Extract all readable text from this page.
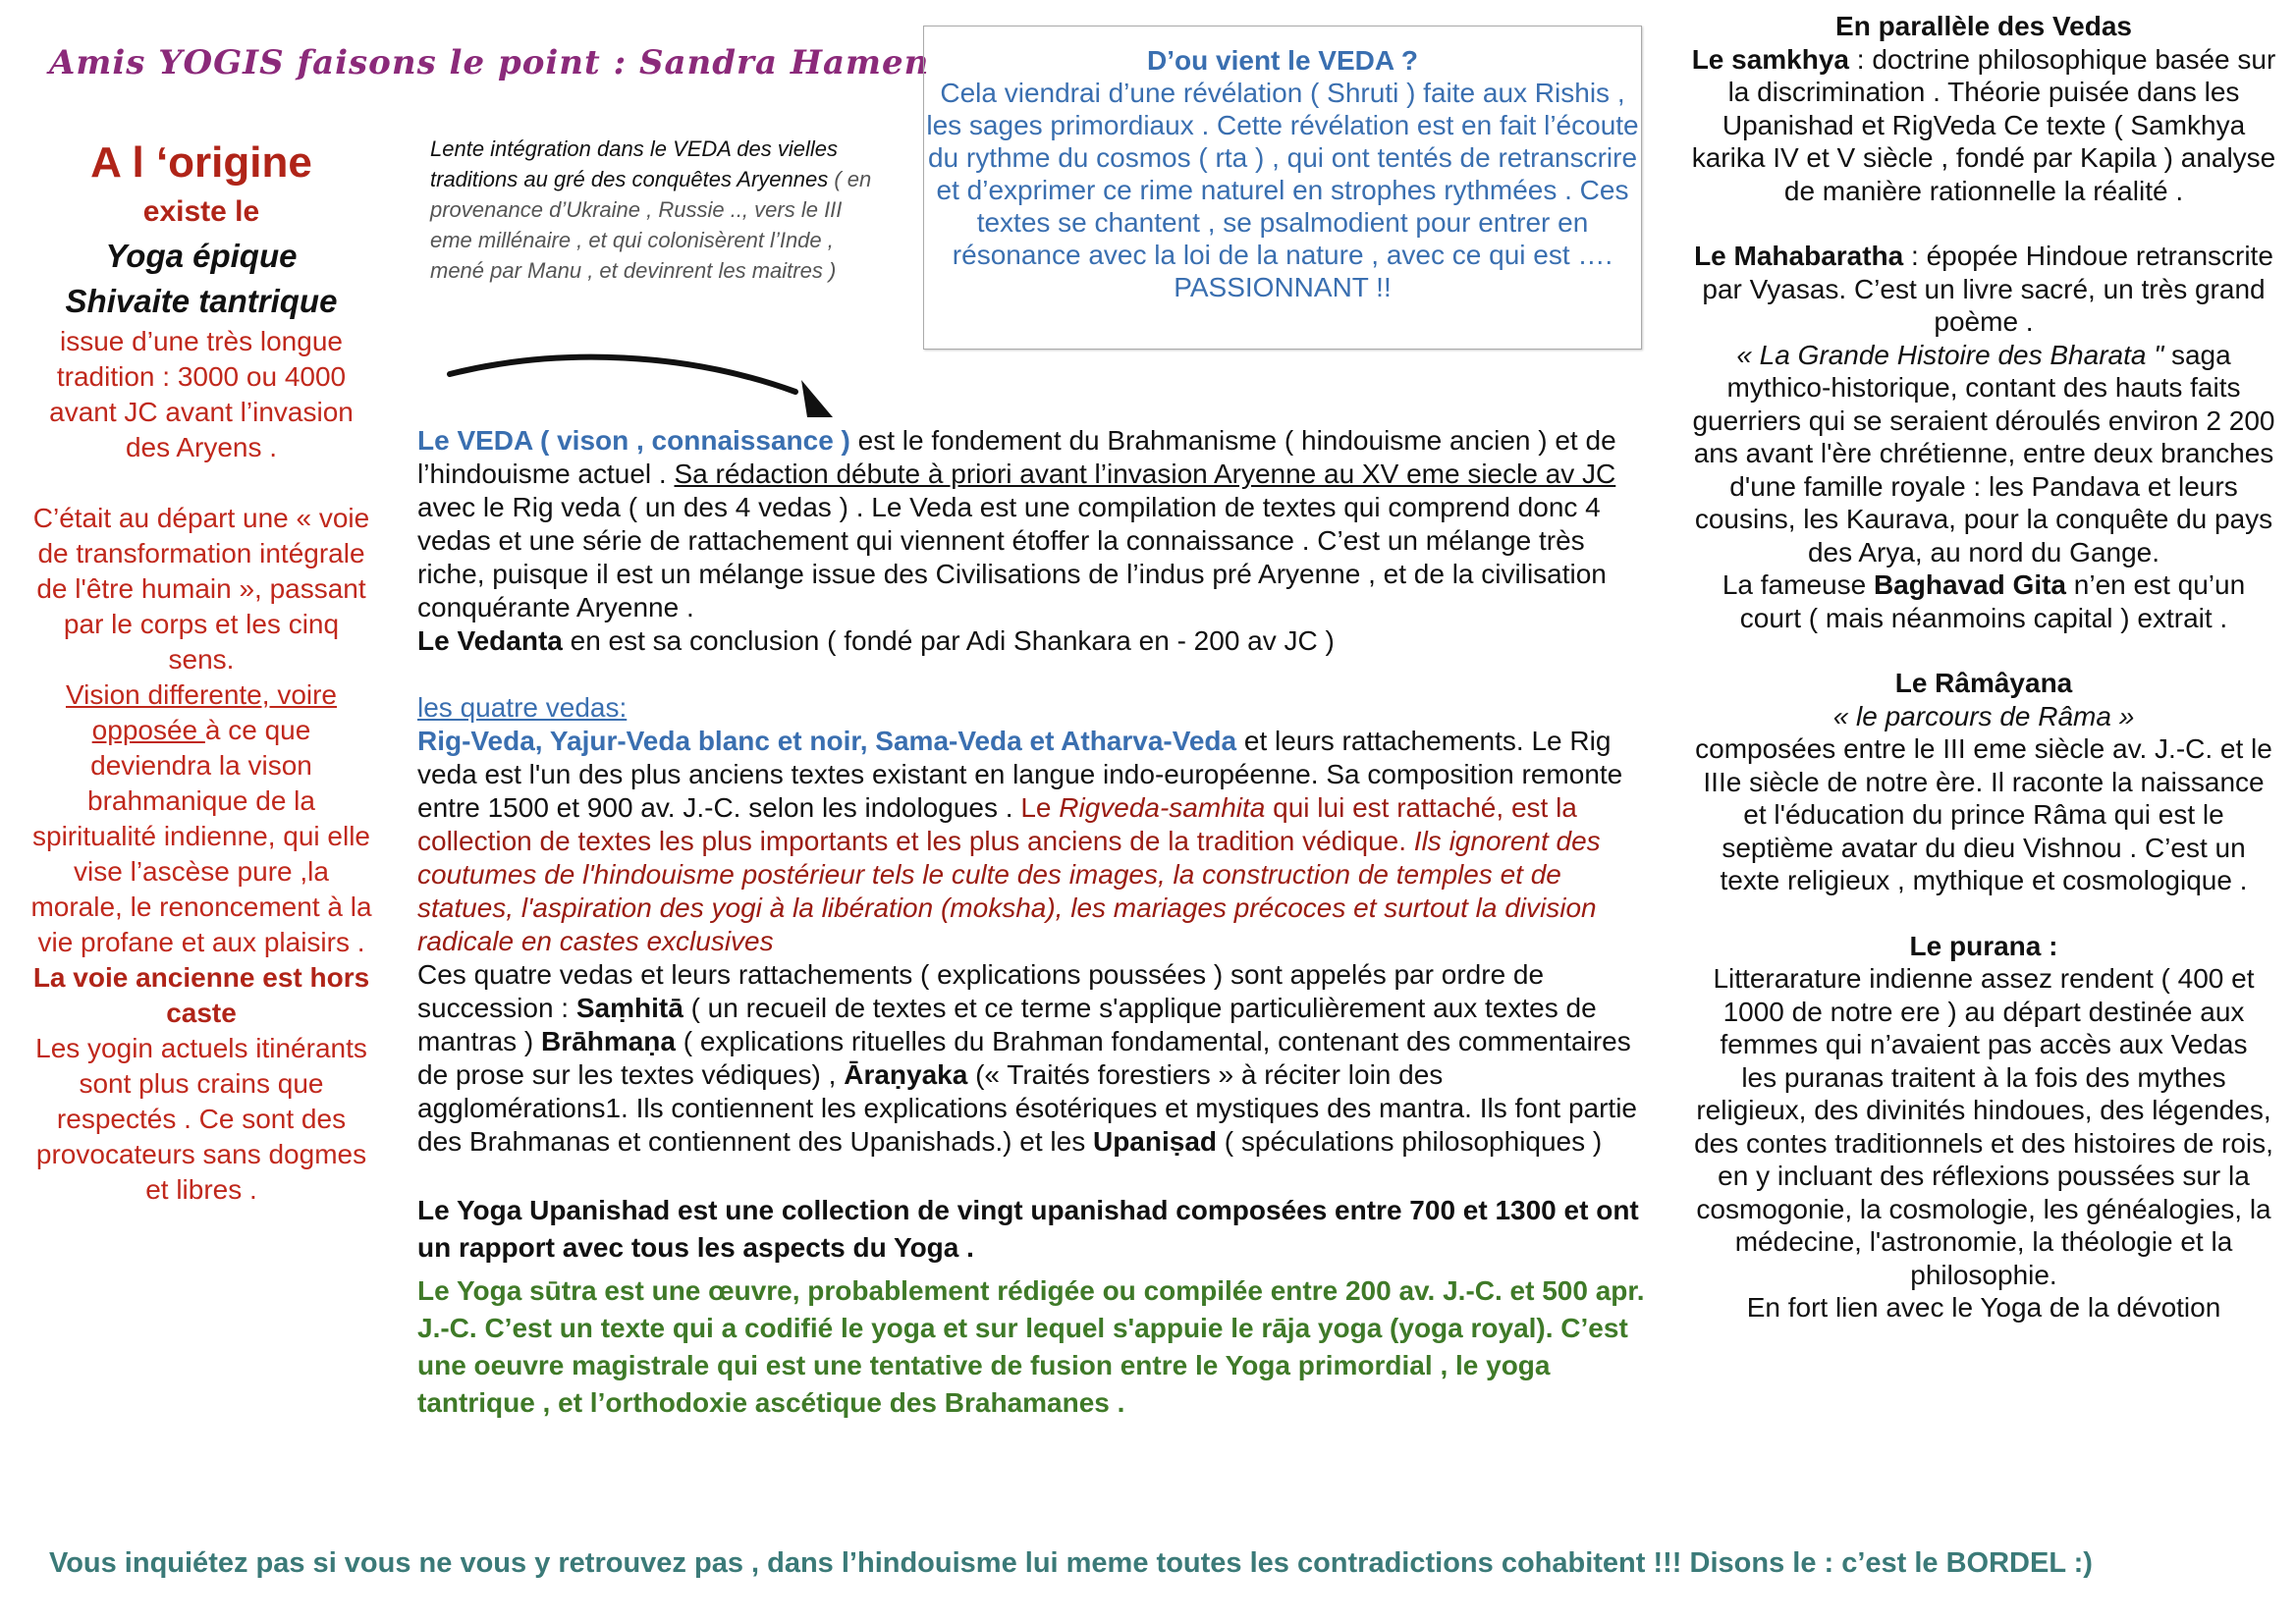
Amis YOGIS faisons le point : Sandra Hamen

A l ‘origine

existe le

Yoga épique

Shivaite tantrique

issue d’une très longue tradition : 3000 ou 4000 avant JC avant l’invasion des Aryens .

C’était au départ une « voie de transformation intégrale de l'être humain », passant par le corps et les cinq sens.

Vision differente, voire opposée à ce que deviendra la vison brahmanique de la spiritualité indienne, qui elle vise l’ascèse pure ,la morale, le renoncement à la vie profane et aux plaisirs .

La voie ancienne est hors caste

Les yogin actuels itinérants sont plus crains que respectés . Ce sont des provocateurs sans dogmes et libres .

Lente intégration dans le VEDA des vielles traditions au gré des conquêtes Aryennes ( en provenance d’Ukraine , Russie .., vers le III eme millénaire , et qui colonisèrent l’Inde , mené par Manu , et devinrent les maitres )
D’ou vient le VEDA ?
Cela viendrai d’une révélation ( Shruti ) faite aux Rishis , les sages primordiaux . Cette révélation est en fait l’écoute du rythme du cosmos ( rta ) , qui ont tentés de retranscrire et d’exprimer ce rime naturel en strophes rythmées . Ces textes se chantent , se psalmodient pour entrer en résonance avec la loi de la nature , avec ce qui est …. PASSIONNANT !!

Le VEDA ( vison , connaissance ) est le fondement du Brahmanisme ( hindouisme ancien ) et de l’hindouisme actuel . Sa rédaction débute à priori avant l’invasion Aryenne au XV eme siecle av JC avec le Rig veda ( un des 4 vedas ) . Le Veda est une compilation de textes qui comprend donc 4 vedas et une série de rattachement qui viennent étoffer la connaissance . C’est un mélange très riche, puisque il est un mélange issue des Civilisations de l’indus pré Aryenne , et de la civilisation conquérante Aryenne .

Le Vedanta en est sa conclusion ( fondé par Adi Shankara en - 200 av JC )

les quatre vedas:

Rig-Veda, Yajur-Veda blanc et noir, Sama-Veda et Atharva-Veda et leurs rattachements. Le Rig veda est l'un des plus anciens textes existant en langue indo-européenne. Sa composition remonte entre 1500 et 900 av. J.-C. selon les indologues . Le Rigveda-samhita qui lui est rattaché, est la collection de textes les plus importants et les plus anciens de la tradition védique. Ils ignorent des coutumes de l'hindouisme postérieur tels le culte des images, la construction de temples et de statues, l'aspiration des yogi à la libération (moksha), les mariages précoces et surtout la division radicale en castes exclusives

Ces quatre vedas et leurs rattachements ( explications poussées ) sont appelés par ordre de succession : Saṃhitā ( un recueil de textes et ce terme s'applique particulièrement aux textes de mantras ) Brāhmaṇa ( explications rituelles du Brahman fondamental, contenant des commentaires de prose sur les textes védiques) , Āraṇyaka (« Traités forestiers » à réciter loin des agglomérations1. Ils contiennent les explications ésotériques et mystiques des mantra. Ils font partie des Brahmanas et contiennent des Upanishads.) et les Upaniṣad ( spéculations philosophiques )

Le Yoga Upanishad est une collection de vingt upanishad composées entre 700 et 1300 et ont un rapport avec tous les aspects du Yoga .

Le Yoga sūtra est une œuvre, probablement rédigée ou compilée entre 200 av. J.-C. et 500 apr. J.-C. C’est un texte qui a codifié le yoga et sur lequel s'appuie le rāja yoga (yoga royal). C’est une oeuvre magistrale qui est une tentative de fusion entre le Yoga primordial , le yoga tantrique , et l’orthodoxie ascétique des Brahamanes .

En parallèle des Vedas

Le samkhya : doctrine philosophique basée sur la discrimination . Théorie puisée dans les Upanishad et RigVeda Ce texte ( Samkhya karika IV et V siècle , fondé par Kapila ) analyse de manière rationnelle la réalité .

Le Mahabaratha : épopée Hindoue retranscrite par Vyasas. C’est un livre sacré, un très grand poème .

« La Grande Histoire des Bharata " saga mythico-historique, contant des hauts faits guerriers qui se seraient déroulés environ 2 200 ans avant l'ère chrétienne, entre deux branches d'une famille royale : les Pandava et leurs cousins, les Kaurava, pour la conquête du pays des Arya, au nord du Gange.

La fameuse Baghavad Gita n’en est qu’un court ( mais néanmoins capital ) extrait .

Le Râmâyana

« le parcours de Râma »

composées entre le III eme siècle av. J.-C. et le IIIe siècle de notre ère. Il raconte la naissance et l'éducation du prince Râma qui est le septième avatar du dieu Vishnou . C’est un texte religieux , mythique et cosmologique .

Le purana :

Litterarature indienne assez rendent ( 400 et 1000 de notre ere ) au départ destinée aux femmes qui n’avaient pas accès aux Vedas

les puranas traitent à la fois des mythes religieux, des divinités hindoues, des légendes, des contes traditionnels et des histoires de rois, en y incluant des réflexions poussées sur la cosmogonie, la cosmologie, les généalogies, la médecine, l'astronomie, la théologie et la philosophie.

En fort lien avec le Yoga de la dévotion

Vous inquiétez pas si vous ne vous y retrouvez pas , dans l’hindouisme lui meme toutes les contradictions cohabitent !!! Disons le : c’est le BORDEL :)
